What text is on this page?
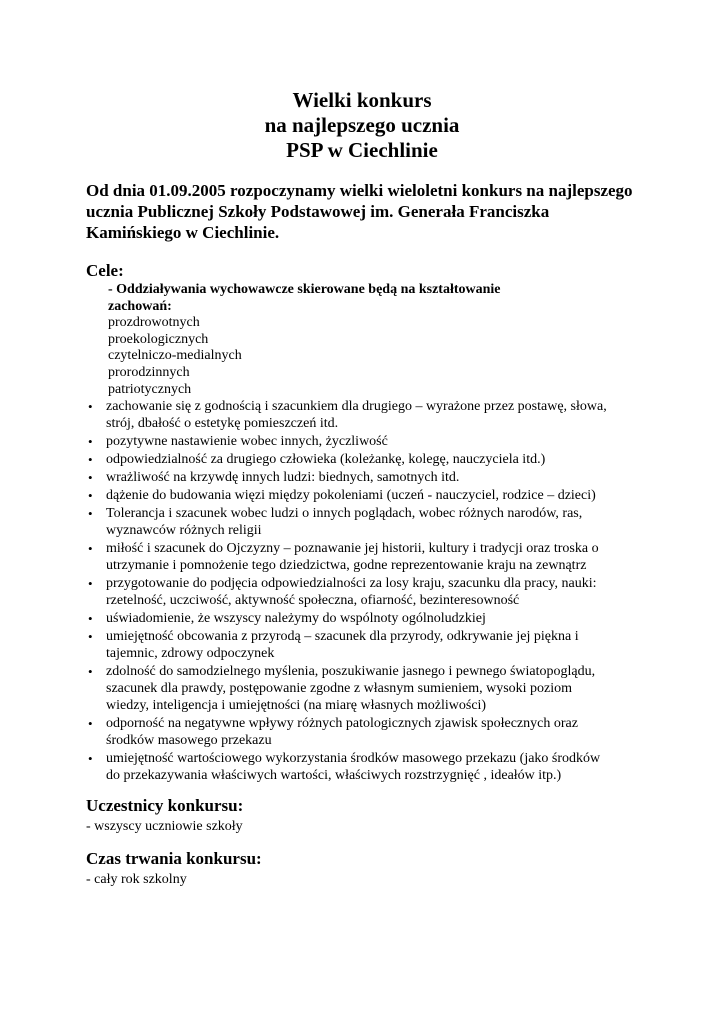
Wielki konkurs
na najlepszego ucznia
PSP w Ciechlinie
Od dnia 01.09.2005 rozpoczynamy wielki wieloletni konkurs na najlepszego
ucznia Publicznej Szkoły Podstawowej im. Generała Franciszka
Kamińskiego w Ciechlinie.
Cele:
- Oddziaływania wychowawcze skierowane będą na kształtowanie
zachowań:
prozdrowotnych
proekologicznych
czytelniczo-medialnych
prorodzinnych
patriotycznych
• zachowanie się z godnością i szacunkiem dla drugiego – wyrażone przez postawę, słowa,
strój, dbałość o estetykę pomieszczeń itd.
• pozytywne nastawienie wobec innych, życzliwość
• odpowiedzialność za drugiego człowieka (koleżankę, kolegę, nauczyciela itd.)
• wrażliwość na krzywdę innych ludzi: biednych, samotnych itd.
• dążenie do budowania więzi między pokoleniami (uczeń - nauczyciel, rodzice – dzieci)
• Tolerancja i szacunek wobec ludzi o innych poglądach, wobec różnych narodów, ras,
wyznawców różnych religii
• miłość i szacunek do Ojczyzny – poznawanie jej historii, kultury i tradycji oraz troska o
utrzymanie i pomnożenie tego dziedzictwa, godne reprezentowanie kraju na zewnątrz
• przygotowanie do podjęcia odpowiedzialności za losy kraju, szacunku dla pracy, nauki:
rzetelność, uczciwość, aktywność społeczna, ofiarność, bezinteresowność
• uświadomienie, że wszyscy należymy do wspólnoty ogólnoludzkiej
• umiejętność obcowania z przyrodą – szacunek dla przyrody, odkrywanie jej piękna i
tajemnic, zdrowy odpoczynek
• zdolność do samodzielnego myślenia, poszukiwanie jasnego i pewnego światopoglądu,
szacunek dla prawdy, postępowanie zgodne z własnym sumieniem, wysoki poziom
wiedzy, inteligencja i umiejętności (na miarę własnych możliwości)
• odporność na negatywne wpływy różnych patologicznych zjawisk społecznych oraz
środków masowego przekazu
• umiejętność wartościowego wykorzystania środków masowego przekazu (jako środków
do przekazywania właściwych wartości, właściwych rozstrzygnięć , ideałów itp.)
Uczestnicy konkursu:
- wszyscy uczniowie szkoły
Czas trwania konkursu:
- cały rok szkolny
